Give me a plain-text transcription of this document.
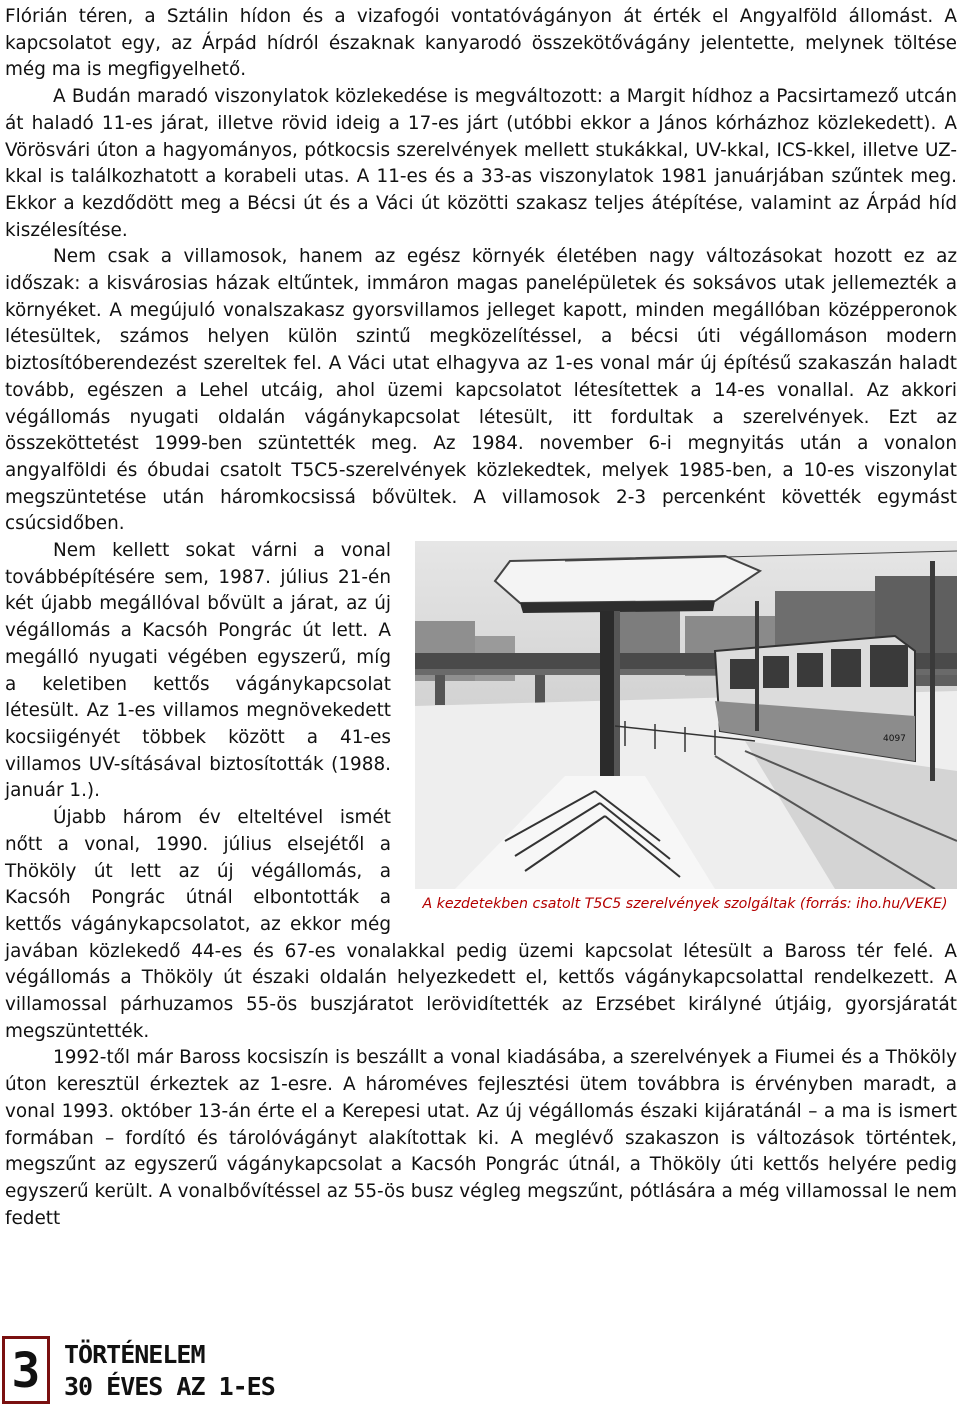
Flórián téren, a Sztálin hídon és a vizafogói vontatóvágányon át érték el Angyalföld állomást. A kapcsolatot egy, az Árpád hídról északnak kanyarodó összekötővágány jelentette, melynek töltése még ma is megfigyelhető.

A Budán maradó viszonylatok közlekedése is megváltozott: a Margit hídhoz a Pacsirtamező utcán át haladó 11-es járat, illetve rövid ideig a 17-es járt (utóbbi ekkor a János kórházhoz közlekedett). A Vörösvári úton a hagyományos, pótkocsis szerelvények mellett stukákkal, UV-kkal, ICS-kkel, illetve UZ-kkal is találkozhatott a korabeli utas. A 11-es és a 33-as viszonylatok 1981 januárjában szűntek meg. Ekkor a kezdődött meg a Bécsi út és a Váci út közötti szakasz teljes átépítése, valamint az Árpád híd kiszélesítése.

Nem csak a villamosok, hanem az egész környék életében nagy változásokat hozott ez az időszak: a kisvárosias házak eltűntek, immáron magas panelépületek és soksávos utak jellemezték a környéket. A megújuló vonalszakasz gyorsvillamos jelleget kapott, minden megállóban középperonok létesültek, számos helyen külön szintű megközelítéssel, a bécsi úti végállomáson modern biztosítóberendezést szereltek fel. A Váci utat elhagyva az 1-es vonal már új építésű szakaszán haladt tovább, egészen a Lehel utcáig, ahol üzemi kapcsolatot létesítettek a 14-es vonallal. Az akkori végállomás nyugati oldalán vágánykapcsolat létesült, itt fordultak a szerelvények. Ezt az összeköttetést 1999-ben szüntették meg. Az 1984. november 6-i megnyitás után a vonalon angyalföldi és óbudai csatolt T5C5-szerelvények közlekedtek, melyek 1985-ben, a 10-es viszonylat megszüntetése után háromkocsissá bővültek. A villamosok 2-3 percenként követték egymást csúcsidőben.

4097
A kezdetekben csatolt T5C5 szerelvények szolgáltak (forrás: iho.hu/VEKE)

Nem kellett sokat várni a vonal továbbépítésére sem, 1987. július 21-én két újabb megállóval bővült a járat, az új végállomás a Kacsóh Pongrác út lett. A megálló nyugati végében egyszerű, míg a keletiben kettős vágánykapcsolat létesült. Az 1-es villamos megnövekedett kocsiigényét többek között a 41-es villamos UV-sításával biztosították (1988. január 1.).

Újabb három év elteltével ismét nőtt a vonal, 1990. július elsejétől a Thököly út lett az új végállomás, a Kacsóh Pongrác útnál elbontották a kettős vágánykapcsolatot, az ekkor még javában közlekedő 44-es és 67-es vonalakkal pedig üzemi kapcsolat létesült a Baross tér felé. A végállomás a Thököly út északi oldalán helyezkedett el, kettős vágánykapcsolattal rendelkezett. A villamossal párhuzamos 55-ös buszjáratot lerövidítették az Erzsébet királyné útjáig, gyorsjáratát megszüntették.

1992-től már Baross kocsiszín is beszállt a vonal kiadásába, a szerelvények a Fiumei és a Thököly úton keresztül érkeztek az 1-esre. A hároméves fejlesztési ütem továbbra is érvényben maradt, a vonal 1993. október 13-án érte el a Kerepesi utat. Az új végállomás északi kijáratánál – a ma is ismert formában – fordító és tárolóvágányt alakítottak ki. A meglévő szakaszon is változások történtek, megszűnt az egyszerű vágánykapcsolat a Kacsóh Pongrác útnál, a Thököly úti kettős helyére pedig egyszerű került. A vonalbővítéssel az 55-ös busz végleg megszűnt, pótlására a még villamossal le nem fedett

3 TÖRTÉNELEM
30 ÉVES AZ 1-ES
